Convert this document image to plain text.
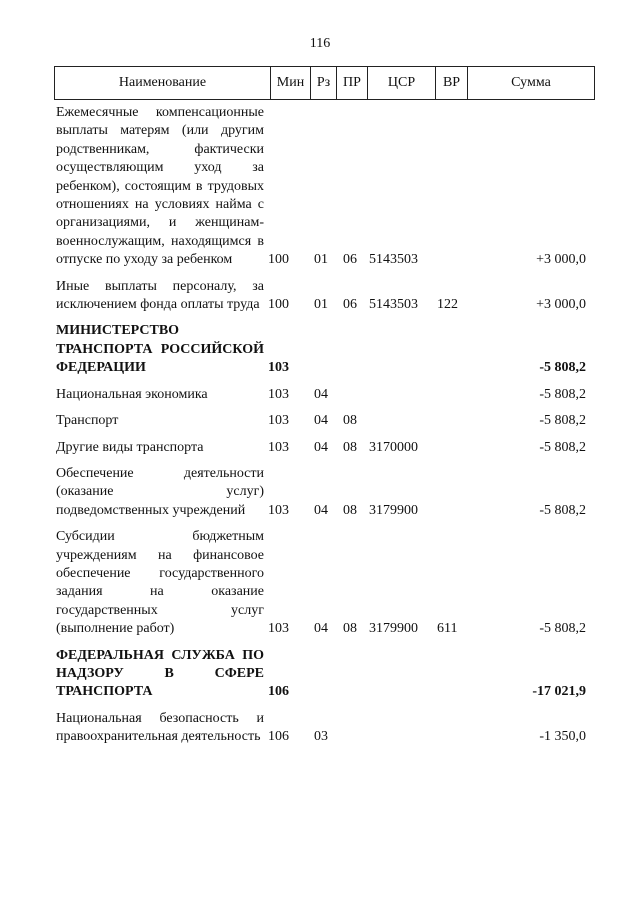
116
Наименование	Мин Рз ПР	ЦСР	ВР	Сумма
Ежемесячные компенсационные выплаты матерям (или другим родственникам, фактически осуществляющим уход за ребенком), состоящим в трудовых отношениях на условиях найма с организациями, и женщинам-военнослужащим, находящимся в отпуске по уходу за ребенком	100	01	06 5143503	+3 000,0
Иные выплаты персоналу, за исключением фонда оплаты труда 100	01	06 5143503	122	+3 000,0
МИНИСТЕРСТВО ТРАНСПОРТА РОССИЙСКОЙ ФЕДЕРАЦИИ	103	-5 808,2
Национальная экономика	103	04	-5 808,2
Транспорт	103	04	08	-5 808,2
Другие виды транспорта	103	04	08 3170000	-5 808,2
Обеспечение деятельности (оказание услуг) подведомственных учреждений	103	04	08 3179900	-5 808,2
Субсидии бюджетным учреждениям на финансовое обеспечение государственного задания на оказание государственных услуг (выполнение работ)	103	04	08 3179900	611	-5 808,2
ФЕДЕРАЛЬНАЯ СЛУЖБА ПО НАДЗОРУ В СФЕРЕ ТРАНСПОРТА	106	-17 021,9
Национальная безопасность и правоохранительная деятельность 106	03	-1 350,0
